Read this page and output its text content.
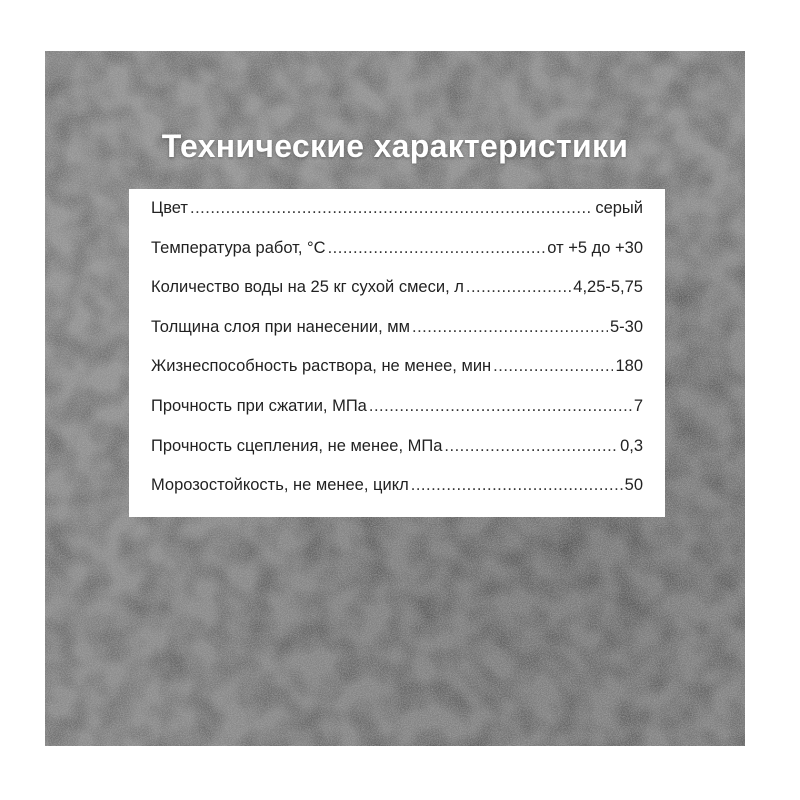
Технические характеристики
Цвет .....	серый
Температура работ, °С .....	от +5 до +30
Количество воды на 25 кг сухой смеси, л .....	4,25-5,75
Толщина слоя при нанесении, мм .....	5-30
Жизнеспособность раствора, не менее, мин .....	180
Прочность при сжатии, МПа .....	7
Прочность сцепления, не менее, МПа .....	0,3
Морозостойкость, не менее, цикл .....	50
